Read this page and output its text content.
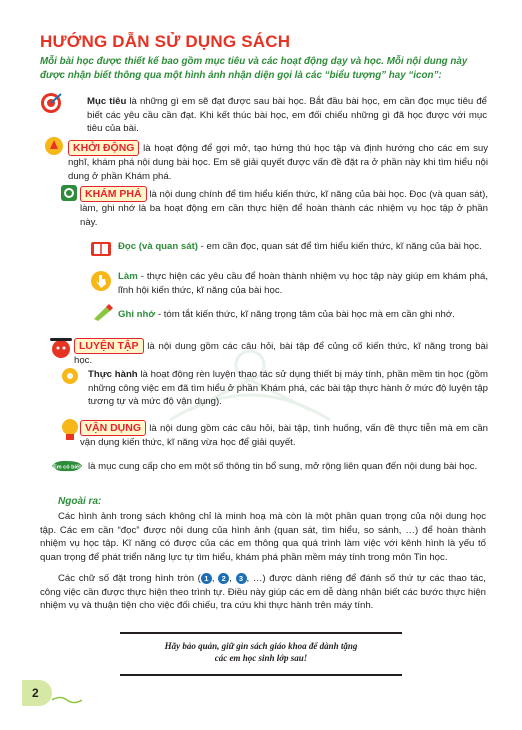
HƯỚNG DẪN SỬ DỤNG SÁCH
Mỗi bài học được thiết kế bao gồm mục tiêu và các hoạt động dạy và học. Mỗi nội dung này được nhận biết thông qua một hình ảnh nhận diện gọi là các “biểu tượng” hay “icon”:
Mục tiêu là những gì em sẽ đạt được sau bài học. Bắt đầu bài học, em cần đọc mục tiêu để biết các yêu cầu cần đạt. Khi kết thúc bài học, em đối chiếu những gì đã học được với mục tiêu của bài.
KHỞI ĐỘNG là hoạt động để gợi mở, tạo hứng thú học tập và định hướng cho các em suy nghĩ, khám phá nội dung bài học. Em sẽ giải quyết được vấn đề đặt ra ở phần này khi tìm hiểu nội dung ở phần Khám phá.
KHÁM PHÁ là nội dung chính để tìm hiểu kiến thức, kĩ năng của bài học. Đọc (và quan sát), làm, ghi nhớ là ba hoạt động em cần thực hiện để hoàn thành các nhiệm vụ học tập ở phần này.
Đọc (và quan sát) - em cần đọc, quan sát để tìm hiểu kiến thức, kĩ năng của bài học.
Làm - thực hiện các yêu cầu để hoàn thành nhiệm vụ học tập này giúp em khám phá, lĩnh hội kiến thức, kĩ năng của bài học.
Ghi nhớ - tóm tắt kiến thức, kĩ năng trọng tâm của bài học mà em cần ghi nhớ.
LUYỆN TẬP là nội dung gồm các câu hỏi, bài tập để củng cố kiến thức, kĩ năng trong bài học.
Thực hành là hoạt động rèn luyện thao tác sử dụng thiết bị máy tính, phần mềm tin học (gồm những công việc em đã tìm hiểu ở phần Khám phá, các bài tập thực hành ở mức độ luyện tập tương tự và mức độ vận dụng).
VẬN DỤNG là nội dung gồm các câu hỏi, bài tập, tình huống, vấn đề thực tiễn mà em cần vận dụng kiến thức, kĩ năng vừa học để giải quyết.
Em có biết là mục cung cấp cho em một số thông tin bổ sung, mở rộng liên quan đến nội dung bài học.
Ngoài ra:
Các hình ảnh trong sách không chỉ là minh hoạ mà còn là một phần quan trọng của nội dung học tập. Các em cần “đọc” được nội dung của hình ảnh (quan sát, tìm hiểu, so sánh, …) để hoàn thành nhiệm vụ học tập. Kĩ năng có được của các em thông qua quá trình làm việc với kênh hình là yếu tố quan trọng để phát triển năng lực tự tìm hiểu, khám phá phần mềm máy tính trong môn Tin học.
Các chữ số đặt trong hình tròn ( 1 , 2 , 3 , …) được dành riêng để đánh số thứ tự các thao tác, công việc cần được thực hiện theo trình tự. Điều này giúp các em dễ dàng nhận biết các bước thực hiện nhiệm vụ và thuận tiện cho việc đối chiếu, tra cứu khi thực hành trên máy tính.
Hãy bảo quản, giữ gìn sách giáo khoa để dành tặng
các em học sinh lớp sau!
2
